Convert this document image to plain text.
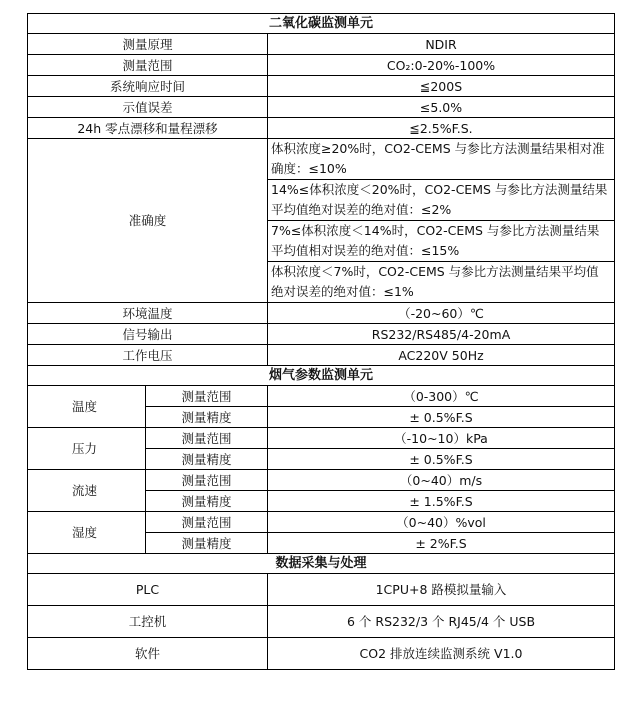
二氧化碳监测单元		
测量原理		NDIR
测量范围		CO₂:0-20%-100%
系统响应时间		≦200S
示值误差		≤5.0%
24h 零点漂移和量程漂移		≦2.5%F.S.
准确度		体积浓度≥20%时，CO2-CEMS 与参比方法测量结果相对准确度：≤10%
		14%≤体积浓度＜20%时，CO2-CEMS 与参比方法测量结果平均值绝对误差的绝对值：≤2%
		7%≤体积浓度＜14%时，CO2-CEMS 与参比方法测量结果平均值相对误差的绝对值：≤15%
		体积浓度＜7%时，CO2-CEMS 与参比方法测量结果平均值绝对误差的绝对值：≤1%
环境温度		（-20~60）℃
信号输出		RS232/RS485/4-20mA
工作电压		AC220V 50Hz
烟气参数监测单元		
温度	测量范围	（0-300）℃
	测量精度	± 0.5%F.S
压力	测量范围	（-10~10）kPa
	测量精度	± 0.5%F.S
流速	测量范围	（0~40）m/s
	测量精度	± 1.5%F.S
湿度	测量范围	（0~40）%vol
	测量精度	± 2%F.S
数据采集与处理		
PLC		1CPU+8 路模拟量输入
工控机		6 个 RS232/3 个 RJ45/4 个 USB
软件		CO2 排放连续监测系统 V1.0
